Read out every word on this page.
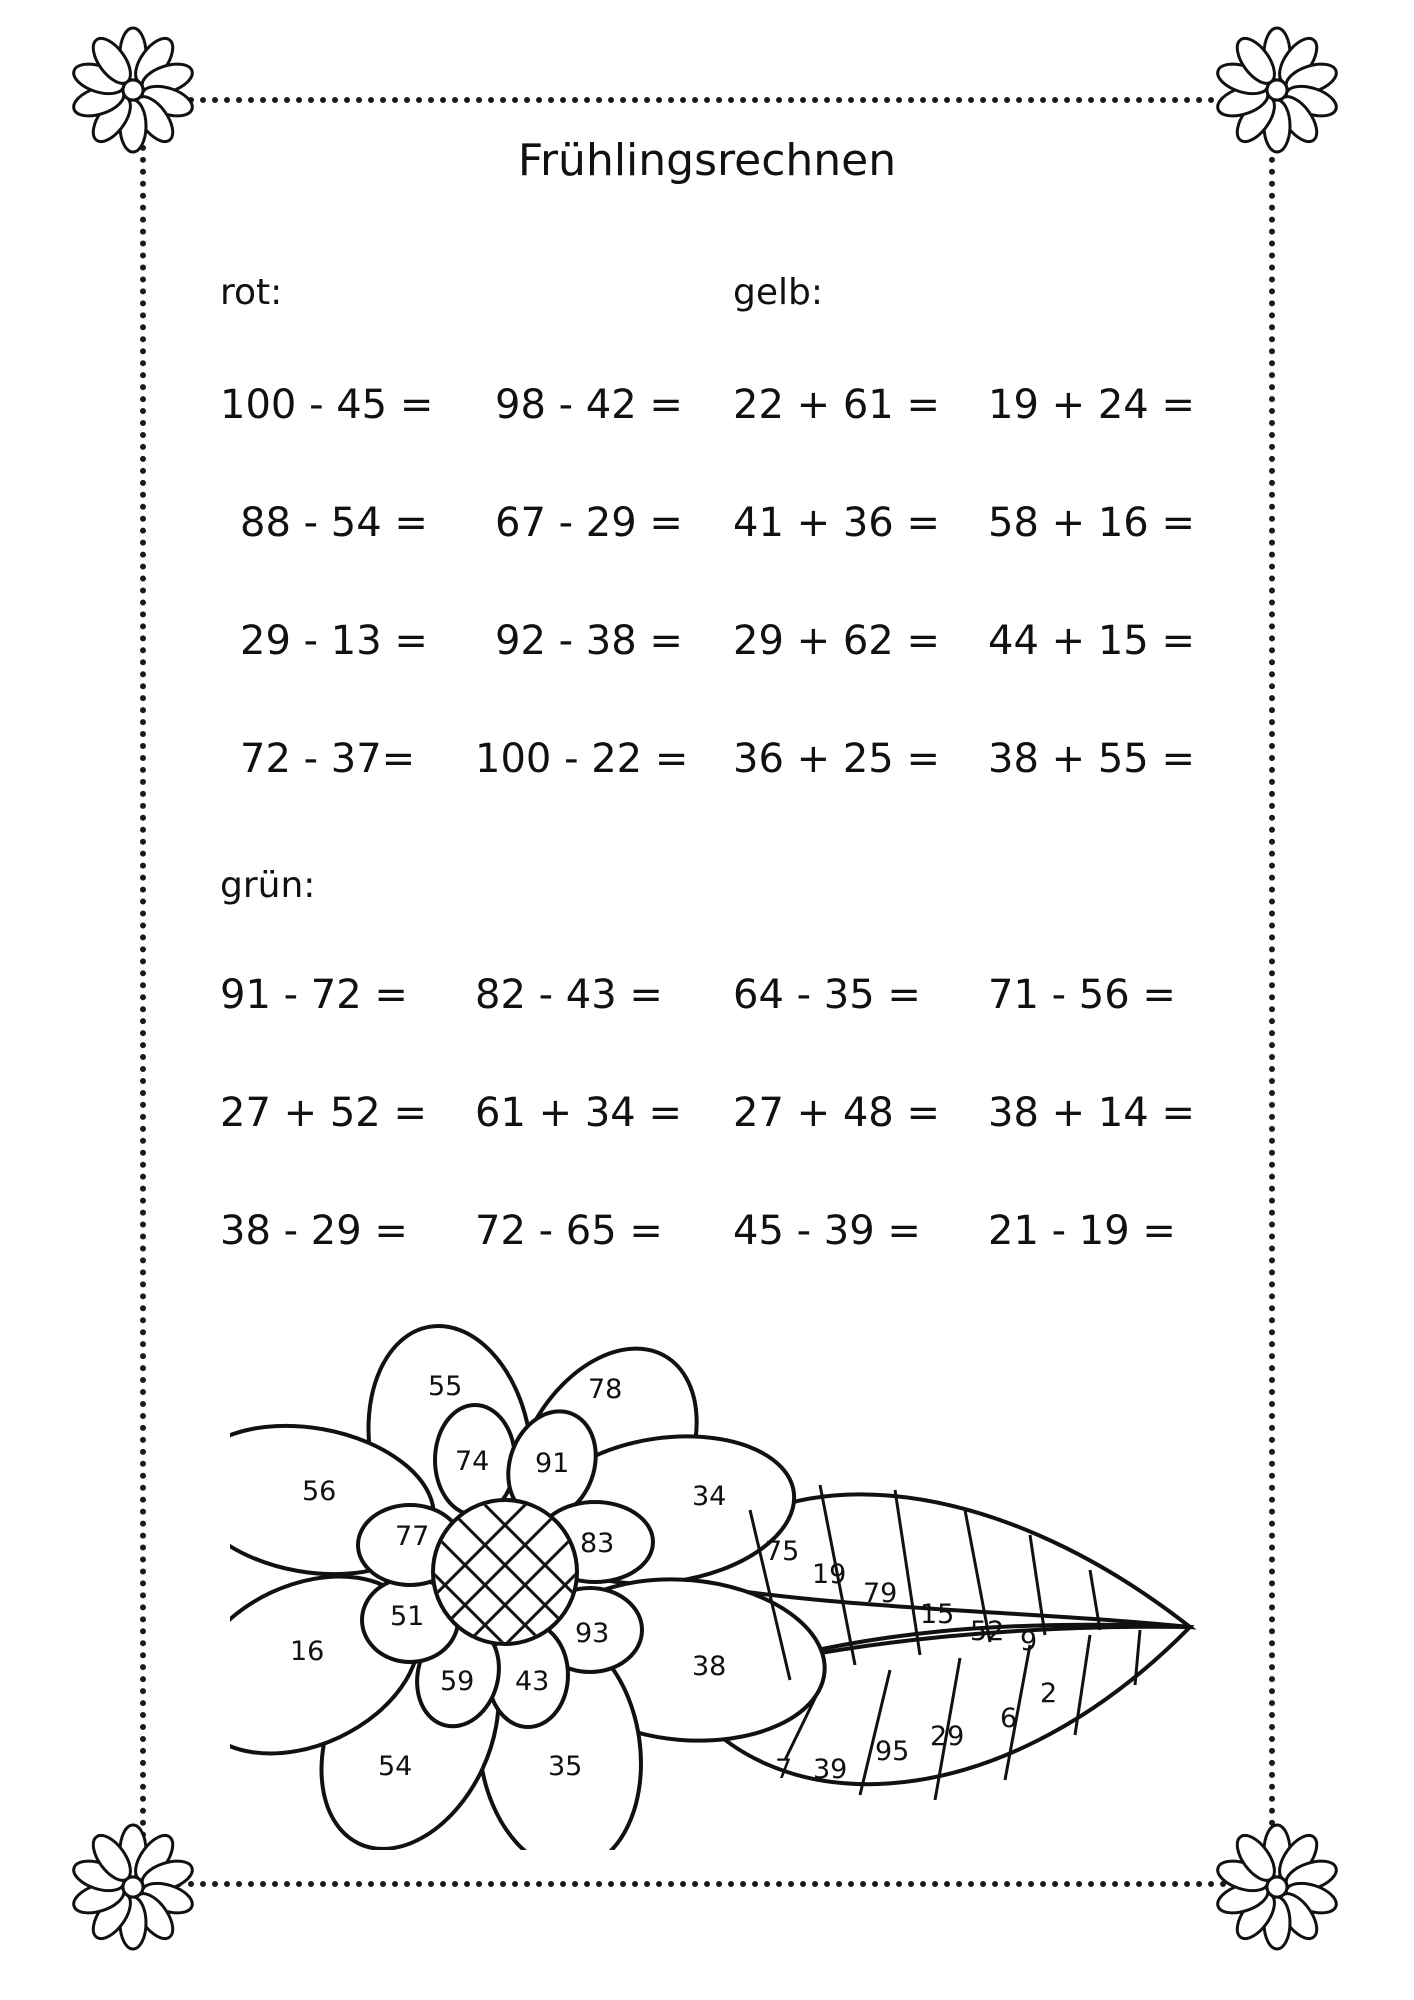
Frühlingsrechnen
rot:	gelb:
grün:
100 - 45 = 98 - 42 =
88 - 54 = 67 - 29 =
29 - 13 = 92 - 38 =
72 - 37= 100 - 22 =
22 + 61 = 19 + 24 =
41 + 36 = 58 + 16 =
29 + 62 = 44 + 15 =
36 + 25 = 38 + 55 =
91 - 72 = 82 - 43 = 64 - 35 = 71 - 56 =
27 + 52 = 61 + 34 = 27 + 48 = 38 + 14 =
38 - 29 = 72 - 65 = 45 - 39 = 21 - 19 =
55	78
34
38
35
54
16
56
74 91
83
93
43
59
51
77	75
19
79
15
52 9
2
6
29
95
39
7
